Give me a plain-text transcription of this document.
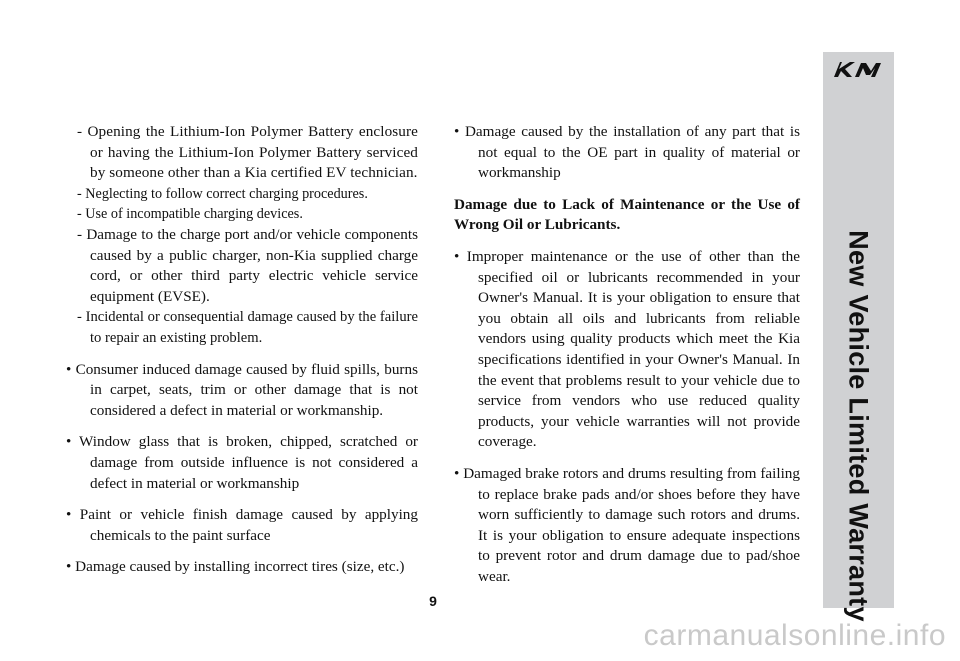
- Opening the Lithium-Ion Polymer Battery enclosure or having the Lithium-Ion Polymer Battery serviced by someone other than a Kia certified EV technician.

- Neglecting to follow correct charging procedures.

- Use of incompatible charging devices.

- Damage to the charge port and/or vehicle components caused by a public charger, non-Kia supplied charge cord, or other third party electric vehicle service equipment (EVSE).

- Incidental or consequential damage caused by the failure to repair an existing problem.

• Consumer induced damage caused by fluid spills, burns in carpet, seats, trim or other damage that is not considered a defect in material or workmanship.

• Window glass that is broken, chipped, scratched or damage from outside influence is not considered a defect in material or workmanship

• Paint or vehicle finish damage caused by applying chemicals to the paint surface

• Damage caused by installing incorrect tires (size, etc.)

• Damage caused by the installation of any part that is not equal to the OE part in quality of material or workmanship

Damage due to Lack of Maintenance or the Use of Wrong Oil or Lubricants.

• Improper maintenance or the use of other than the specified oil or lubricants recommended in your Owner's Manual. It is your obligation to ensure that you obtain all oils and lubricants from reliable vendors using quality products which meet the Kia specifications identified in your Owner's Manual. In the event that problems result to your vehicle due to service from vendors who use reduced quality products, your vehicle warranties will not provide coverage.

• Damaged brake rotors and drums resulting from failing to replace brake pads and/or shoes before they have worn sufficiently to damage such rotors and drums. It is your obligation to ensure adequate inspections to prevent rotor and drum damage due to pad/shoe wear.	New Vehicle Limited Warranty
9
carmanualsonline.info
